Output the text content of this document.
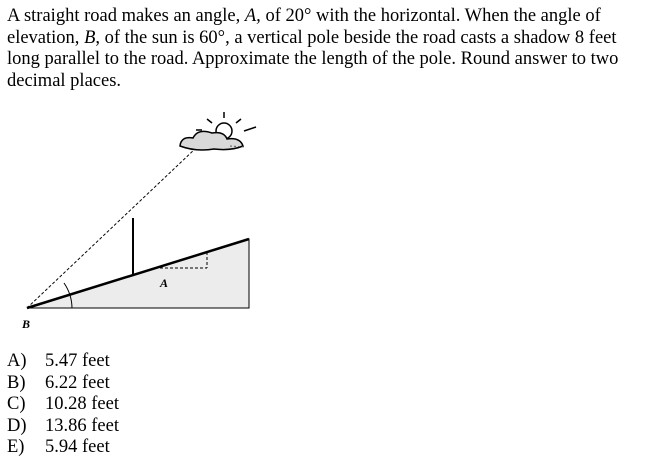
A straight road makes an angle, A, of 20° with the horizontal. When the angle of elevation, B, of the sun is 60°, a vertical pole beside the road casts a shadow 8 feet long parallel to the road. Approximate the length of the pole. Round answer to two decimal places.

A
B
A) 5.47 feet
B)	6.22 feet
C)	10.28 feet
D) 13.86 feet
E)	5.94 feet
